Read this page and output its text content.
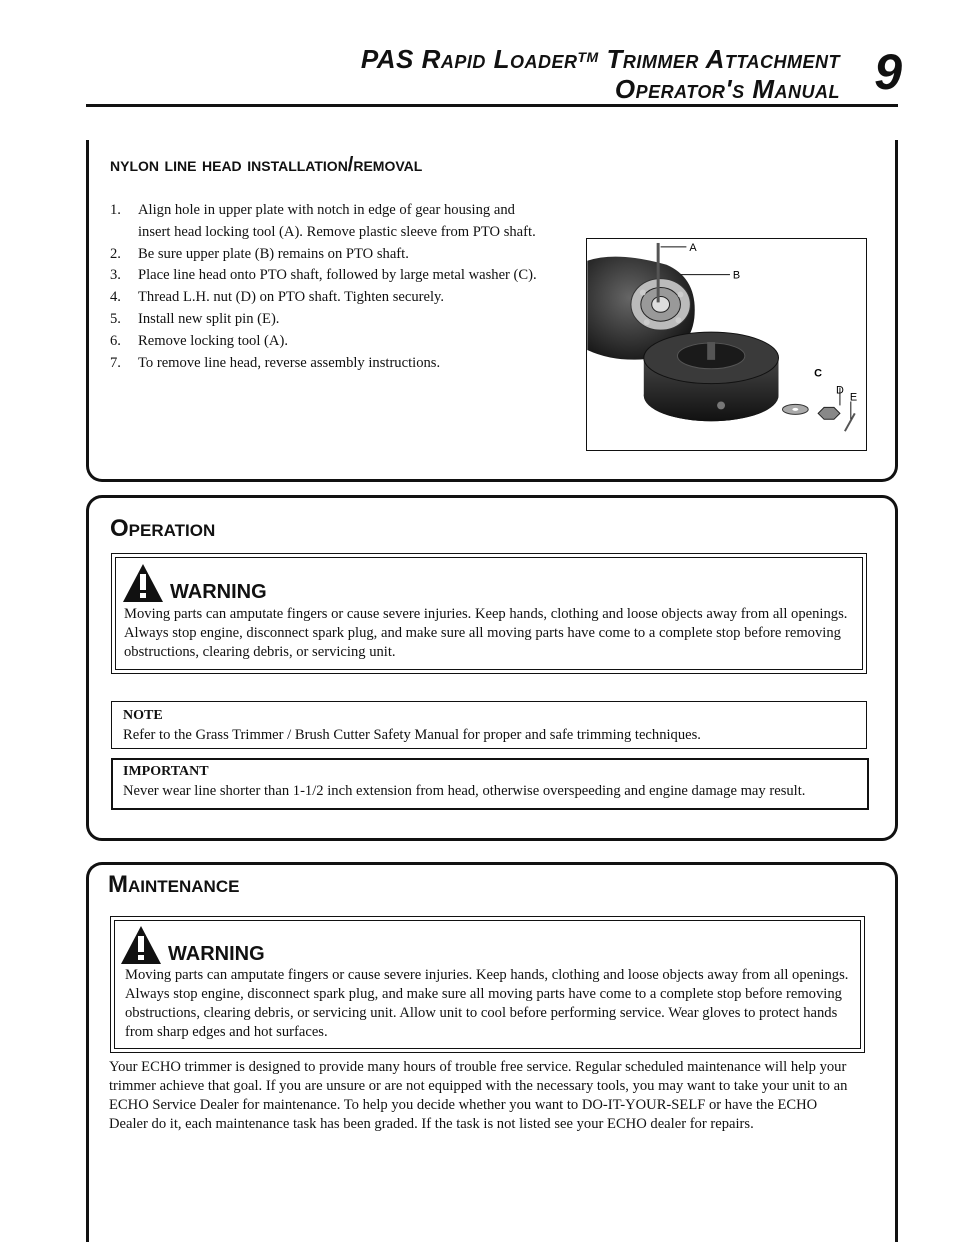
PAS Rapid Loader™ Trimmer Attachment
Operator's Manual 9
nylon line head installation/removal
1.	Align hole in upper plate with notch in edge of gear housing and insert head locking tool (A). Remove plastic sleeve from PTO shaft.
2.	Be sure upper plate (B) remains on PTO shaft.
3.	Place line head onto PTO shaft, followed by large metal washer (C).
4.	Thread L.H. nut (D) on PTO shaft. Tighten securely.
5.	Install new split pin (E).
6.	Remove locking tool (A).
7.	To remove line head, reverse assembly instructions.
A
B
C
D
E
Operation
WARNING
Moving parts can amputate fingers or cause severe injuries. Keep hands, clothing and loose objects away from all openings. Always stop engine, disconnect spark plug, and make sure all moving parts have come to a complete stop before removing obstructions, clearing debris, or servicing unit.
NOTE
Refer to the Grass Trimmer / Brush Cutter Safety Manual for proper and safe trimming techniques.
IMPORTANT
Never wear line shorter than 1-1/2 inch extension from head, otherwise overspeeding and engine damage may result.
Maintenance
WARNING
Moving parts can amputate fingers or cause severe injuries. Keep hands, clothing and loose objects away from all openings. Always stop engine, disconnect spark plug, and make sure all moving parts have come to a complete stop before removing obstructions, clearing debris, or servicing unit. Allow unit to cool before performing service. Wear gloves to protect hands from sharp edges and hot surfaces.
Your ECHO trimmer is designed to provide many hours of trouble free service. Regular scheduled maintenance will help your trimmer achieve that goal. If you are unsure or are not equipped with the necessary tools, you may want to take your unit to an ECHO Service Dealer for maintenance. To help you decide whether you want to DO-IT-YOUR-SELF or have the ECHO Dealer do it, each maintenance task has been graded. If the task is not listed see your ECHO dealer for repairs.
